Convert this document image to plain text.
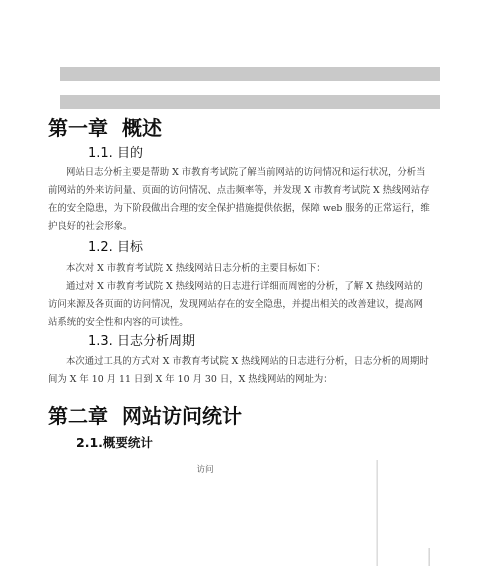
第一章 概述
1.1. 目的
网站日志分析主要是帮助 X 市教育考试院了解当前网站的访问情况和运行状况，分析当
前网站的外来访问量、页面的访问情况、点击频率等，并发现 X 市教育考试院 X 热线网站存
在的安全隐患，为下阶段做出合理的安全保护措施提供依据，保障 web 服务的正常运行，维
护良好的社会形象。
1.2. 目标
本次对 X 市教育考试院 X 热线网站日志分析的主要目标如下：
通过对 X 市教育考试院 X 热线网站的日志进行详细而周密的分析，了解 X 热线网站的
访问来源及各页面的访问情况，发现网站存在的安全隐患，并提出相关的改善建议，提高网
站系统的安全性和内容的可读性。
1.3. 日志分析周期
本次通过工具的方式对 X 市教育考试院 X 热线网站的日志进行分析，日志分析的周期时
间为 X 年 10 月 11 日到 X 年 10 月 30 日，X 热线网站的网址为：
第二章 网站访问统计
2.1.概要统计
访问
